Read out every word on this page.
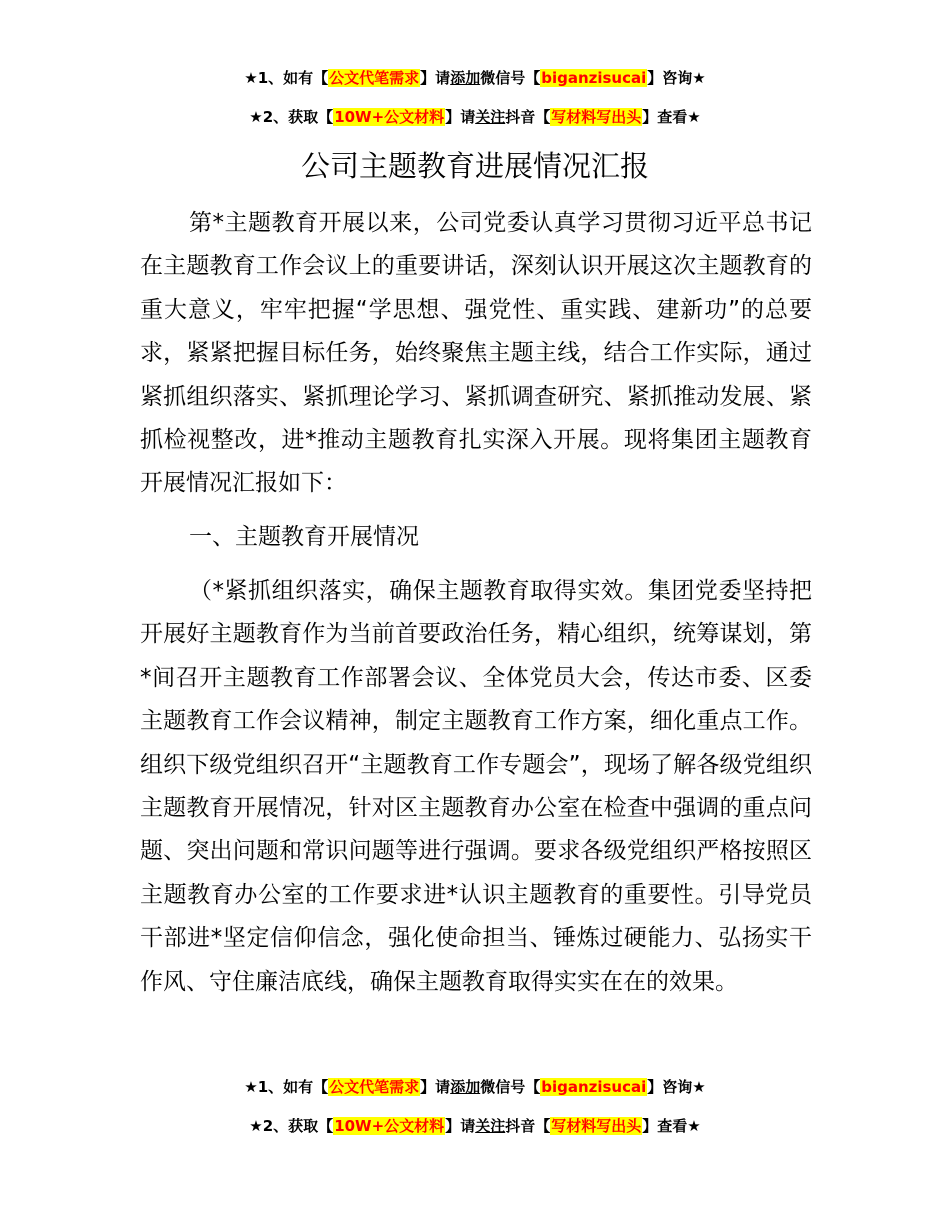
★1、如有【公文代笔需求】请添加微信号【biganzisucai】咨询★
★2、获取【10W+公文材料】请关注抖音【写材料写出头】查看★
公司主题教育进展情况汇报
第*主题教育开展以来，公司党委认真学习贯彻习近平总书记在主题教育工作会议上的重要讲话，深刻认识开展这次主题教育的重大意义，牢牢把握“学思想、强党性、重实践、建新功”的总要求，紧紧把握目标任务，始终聚焦主题主线，结合工作实际，通过紧抓组织落实、紧抓理论学习、紧抓调查研究、紧抓推动发展、紧抓检视整改，进*推动主题教育扎实深入开展。现将集团主题教育开展情况汇报如下：
一、主题教育开展情况
（*紧抓组织落实，确保主题教育取得实效。集团党委坚持把开展好主题教育作为当前首要政治任务，精心组织，统筹谋划，第*间召开主题教育工作部署会议、全体党员大会，传达市委、区委主题教育工作会议精神，制定主题教育工作方案，细化重点工作。组织下级党组织召开“主题教育工作专题会”，现场了解各级党组织主题教育开展情况，针对区主题教育办公室在检查中强调的重点问题、突出问题和常识问题等进行强调。要求各级党组织严格按照区主题教育办公室的工作要求进*认识主题教育的重要性。引导党员干部进*坚定信仰信念，强化使命担当、锤炼过硬能力、弘扬实干作风、守住廉洁底线，确保主题教育取得实实在在的效果。
★1、如有【公文代笔需求】请添加微信号【biganzisucai】咨询★
★2、获取【10W+公文材料】请关注抖音【写材料写出头】查看★
